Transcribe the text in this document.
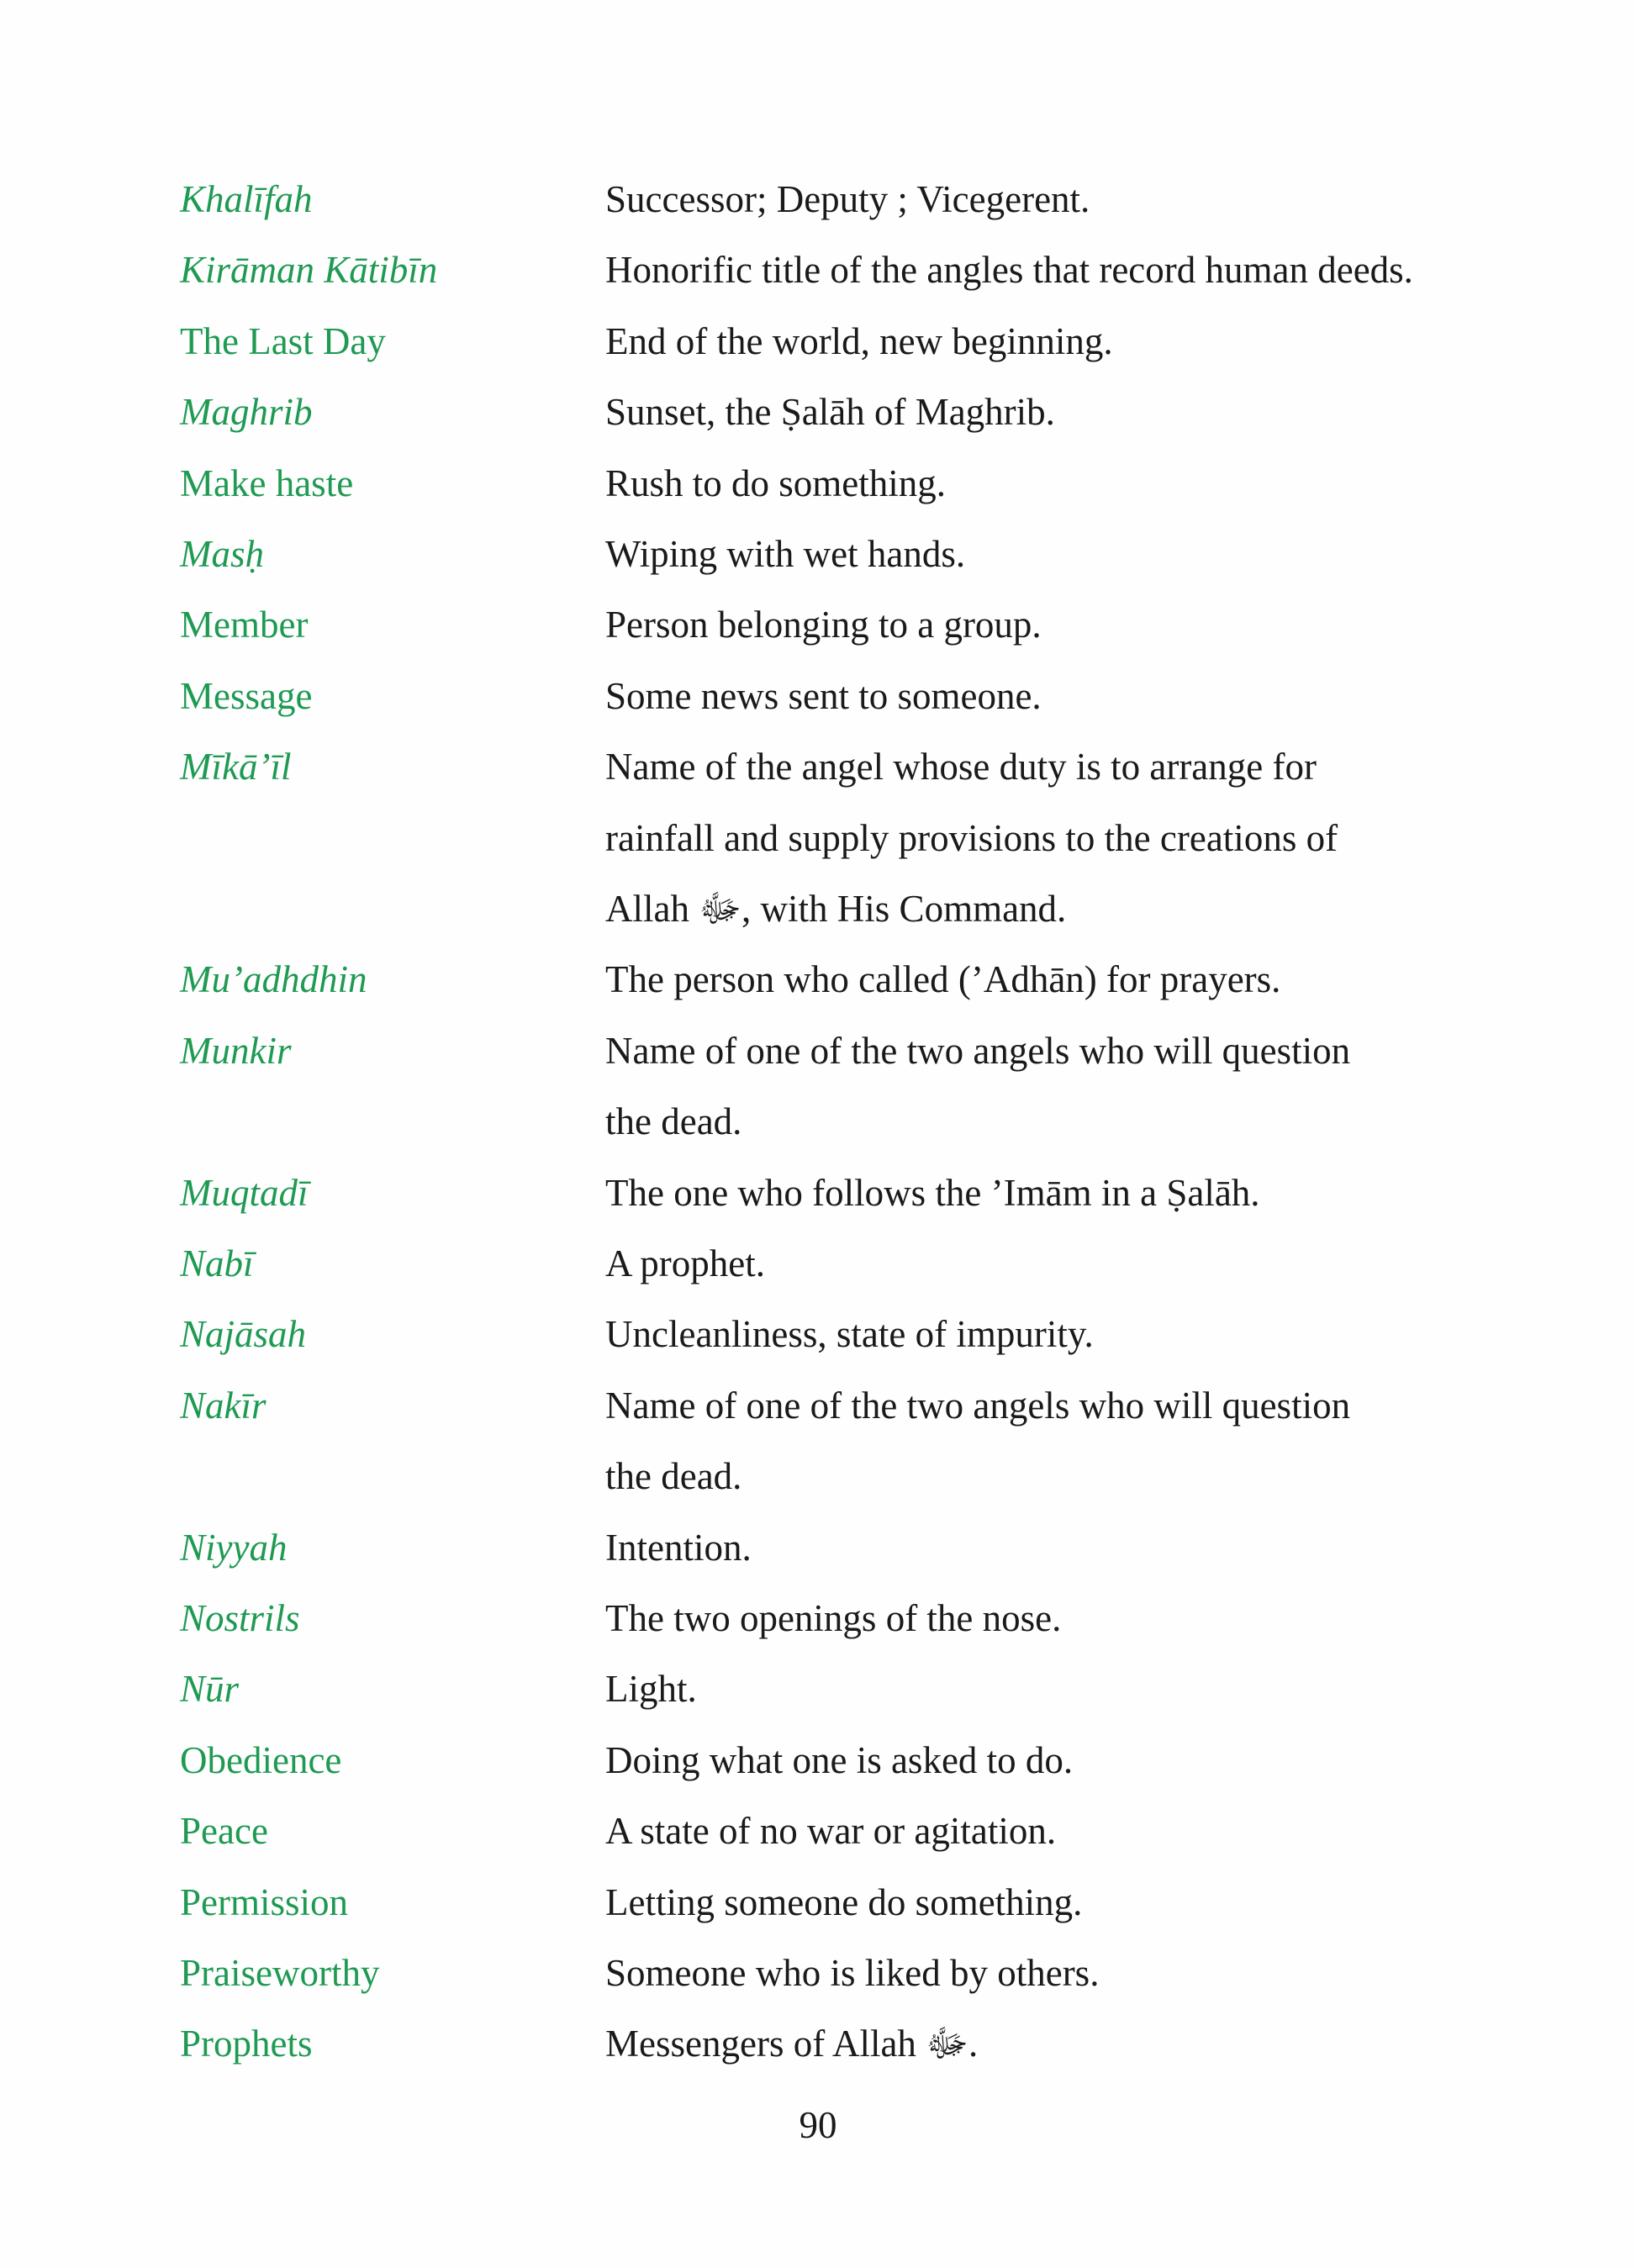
Khalīfah	Successor; Deputy ; Vicegerent.
Kirāman Kātibīn	Honorific title of the angles that record human deeds.
The Last Day	End of the world, new beginning.
Maghrib	Sunset, the Ṣalāh of Maghrib.
Make haste	Rush to do something.
Masḥ	Wiping with wet hands.
Member	Person belonging to a group.
Message	Some news sent to someone.
Mīkā’īl	Name of the angel whose duty is to arrange for
rainfall and supply provisions to the creations of
Allah ﷻ, with His Command.
Mu’adhdhin	The person who called (’Adhān) for prayers.
Munkir	Name of one of the two angels who will question
the dead.
Muqtadī	The one who follows the ’Imām in a Ṣalāh.
Nabī	A prophet.
Najāsah	Uncleanliness, state of impurity.
Nakīr	Name of one of the two angels who will question
the dead.
Niyyah	Intention.
Nostrils	The two openings of the nose.
Nūr	Light.
Obedience	Doing what one is asked to do.
Peace	A state of no war or agitation.
Permission	Letting someone do something.
Praiseworthy	Someone who is liked by others.
Prophets	Messengers of Allah ﷻ.
90
